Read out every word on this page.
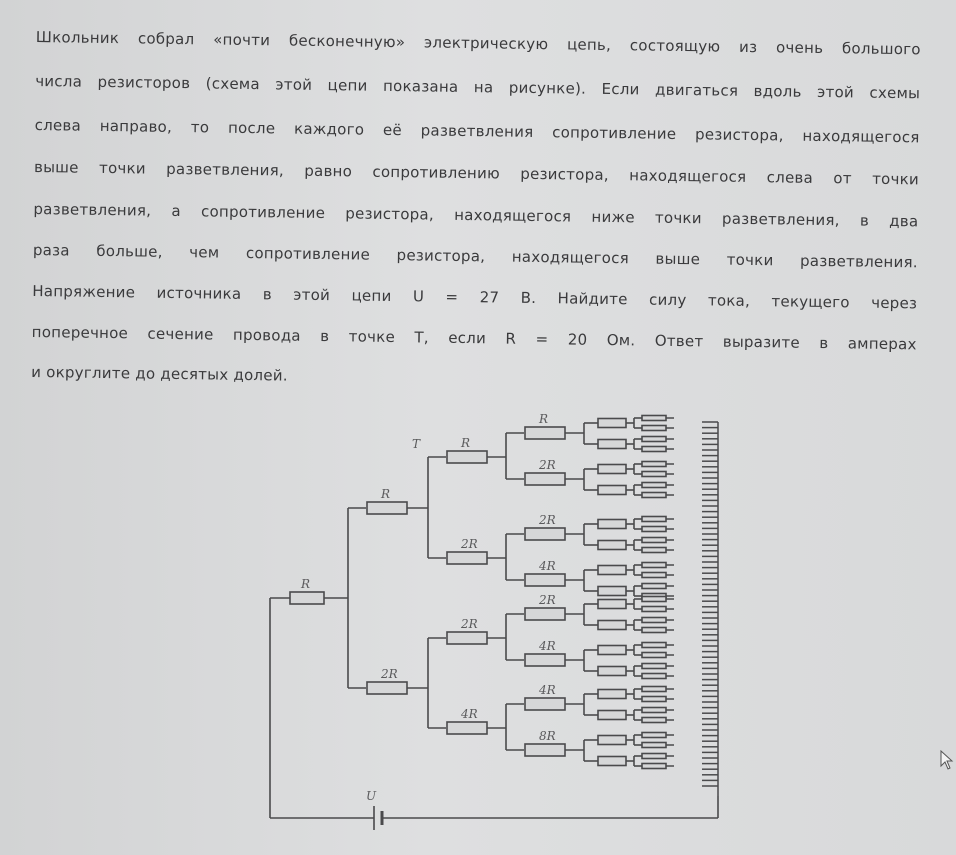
Школьник собрал «почти бесконечную» электрическую цепь, состоящую из очень большого
числа резисторов (схема этой цепи показана на рисунке). Если двигаться вдоль этой схемы
слева направо, то после каждого её разветвления сопротивление резистора, находящегося
выше точки разветвления, равно сопротивлению резистора, находящегося слева от точки
разветвления, а сопротивление резистора, находящегося ниже точки разветвления, в два
раза больше, чем сопротивление резистора, находящегося выше точки разветвления.
Напряжение источника в этой цепи U = 27 В. Найдите силу тока, текущего через
поперечное сечение провода в точке T, если R = 20 Ом. Ответ выразите в амперах
и округлите до десятых долей.
R
R
2R
R
2R
2R
4R
R
2R
2R
4R
2R
4R
4R
8R
U
T
